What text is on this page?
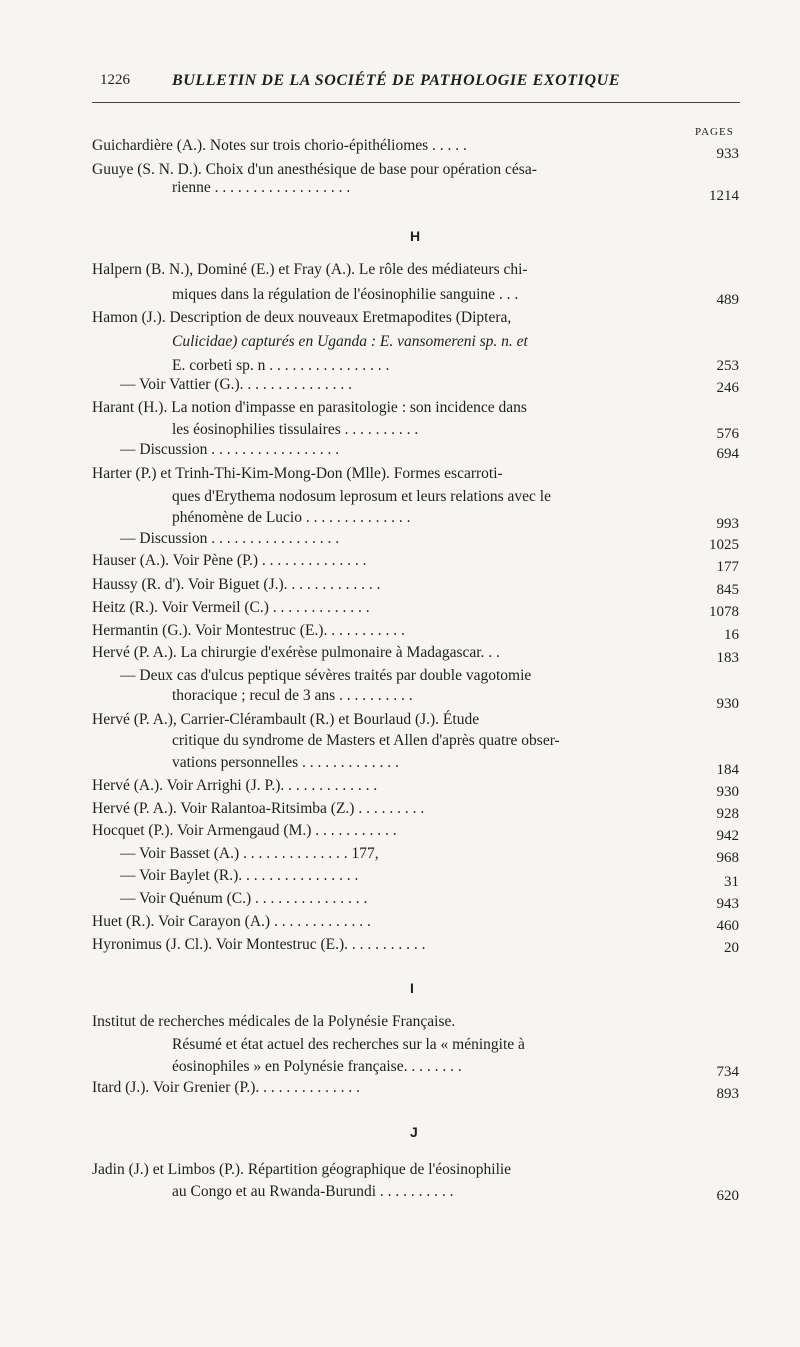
1226	BULLETIN DE LA SOCIÉTÉ DE PATHOLOGIE EXOTIQUE
PAGES
Guichardière (A.). Notes sur trois chorio-épithéliomes . . . . .	933
Guuye (S. N. D.). Choix d'un anesthésique de base pour opération césa-
rienne . . . . . . . . . . . . . . . . . .	1214
H
Halpern (B. N.), Dominé (E.) et Fray (A.). Le rôle des médiateurs chi-
miques dans la régulation de l'éosinophilie sanguine . . .	489
Hamon (J.). Description de deux nouveaux Eretmapodites (Diptera,
Culicidae) capturés en Uganda : E. vansomereni sp. n. et
E. corbeti sp. n . . . . . . . . . . . . . . . .	253
— Voir Vattier (G.). . . . . . . . . . . . . . .	246
Harant (H.). La notion d'impasse en parasitologie : son incidence dans
les éosinophilies tissulaires . . . . . . . . . .	576
— Discussion . . . . . . . . . . . . . . . . .	694
Harter (P.) et Trinh-Thi-Kim-Mong-Don (Mlle). Formes escarroti-
ques d'Erythema nodosum leprosum et leurs relations avec le
phénomène de Lucio . . . . . . . . . . . . . .	993
— Discussion . . . . . . . . . . . . . . . . .	1025
Hauser (A.). Voir Pène (P.) . . . . . . . . . . . . . .	177
Haussy (R. d'). Voir Biguet (J.). . . . . . . . . . . . .	845
Heitz (R.). Voir Vermeil (C.) . . . . . . . . . . . . .	1078
Hermantin (G.). Voir Montestruc (E.). . . . . . . . . . .	16
Hervé (P. A.). La chirurgie d'exérèse pulmonaire à Madagascar. . .	183
— Deux cas d'ulcus peptique sévères traités par double vagotomie
thoracique ; recul de 3 ans . . . . . . . . . .	930
Hervé (P. A.), Carrier-Clérambault (R.) et Bourlaud (J.). Étude
critique du syndrome de Masters et Allen d'après quatre obser-
vations personnelles . . . . . . . . . . . . .	184
Hervé (A.). Voir Arrighi (J. P.). . . . . . . . . . . . .	930
Hervé (P. A.). Voir Ralantoa-Ritsimba (Z.) . . . . . . . . .	928
Hocquet (P.). Voir Armengaud (M.) . . . . . . . . . . .	942
— Voir Basset (A.) . . . . . . . . . . . . . . 177,	968
— Voir Baylet (R.). . . . . . . . . . . . . . . .	31
— Voir Quénum (C.) . . . . . . . . . . . . . . .	943
Huet (R.). Voir Carayon (A.) . . . . . . . . . . . . .	460
Hyronimus (J. Cl.). Voir Montestruc (E.). . . . . . . . . . .	20
I
Institut de recherches médicales de la Polynésie Française.
Résumé et état actuel des recherches sur la « méningite à
éosinophiles » en Polynésie française. . . . . . . .	734
Itard (J.). Voir Grenier (P.). . . . . . . . . . . . . .	893
J
Jadin (J.) et Limbos (P.). Répartition géographique de l'éosinophilie
au Congo et au Rwanda-Burundi . . . . . . . . . .	620
